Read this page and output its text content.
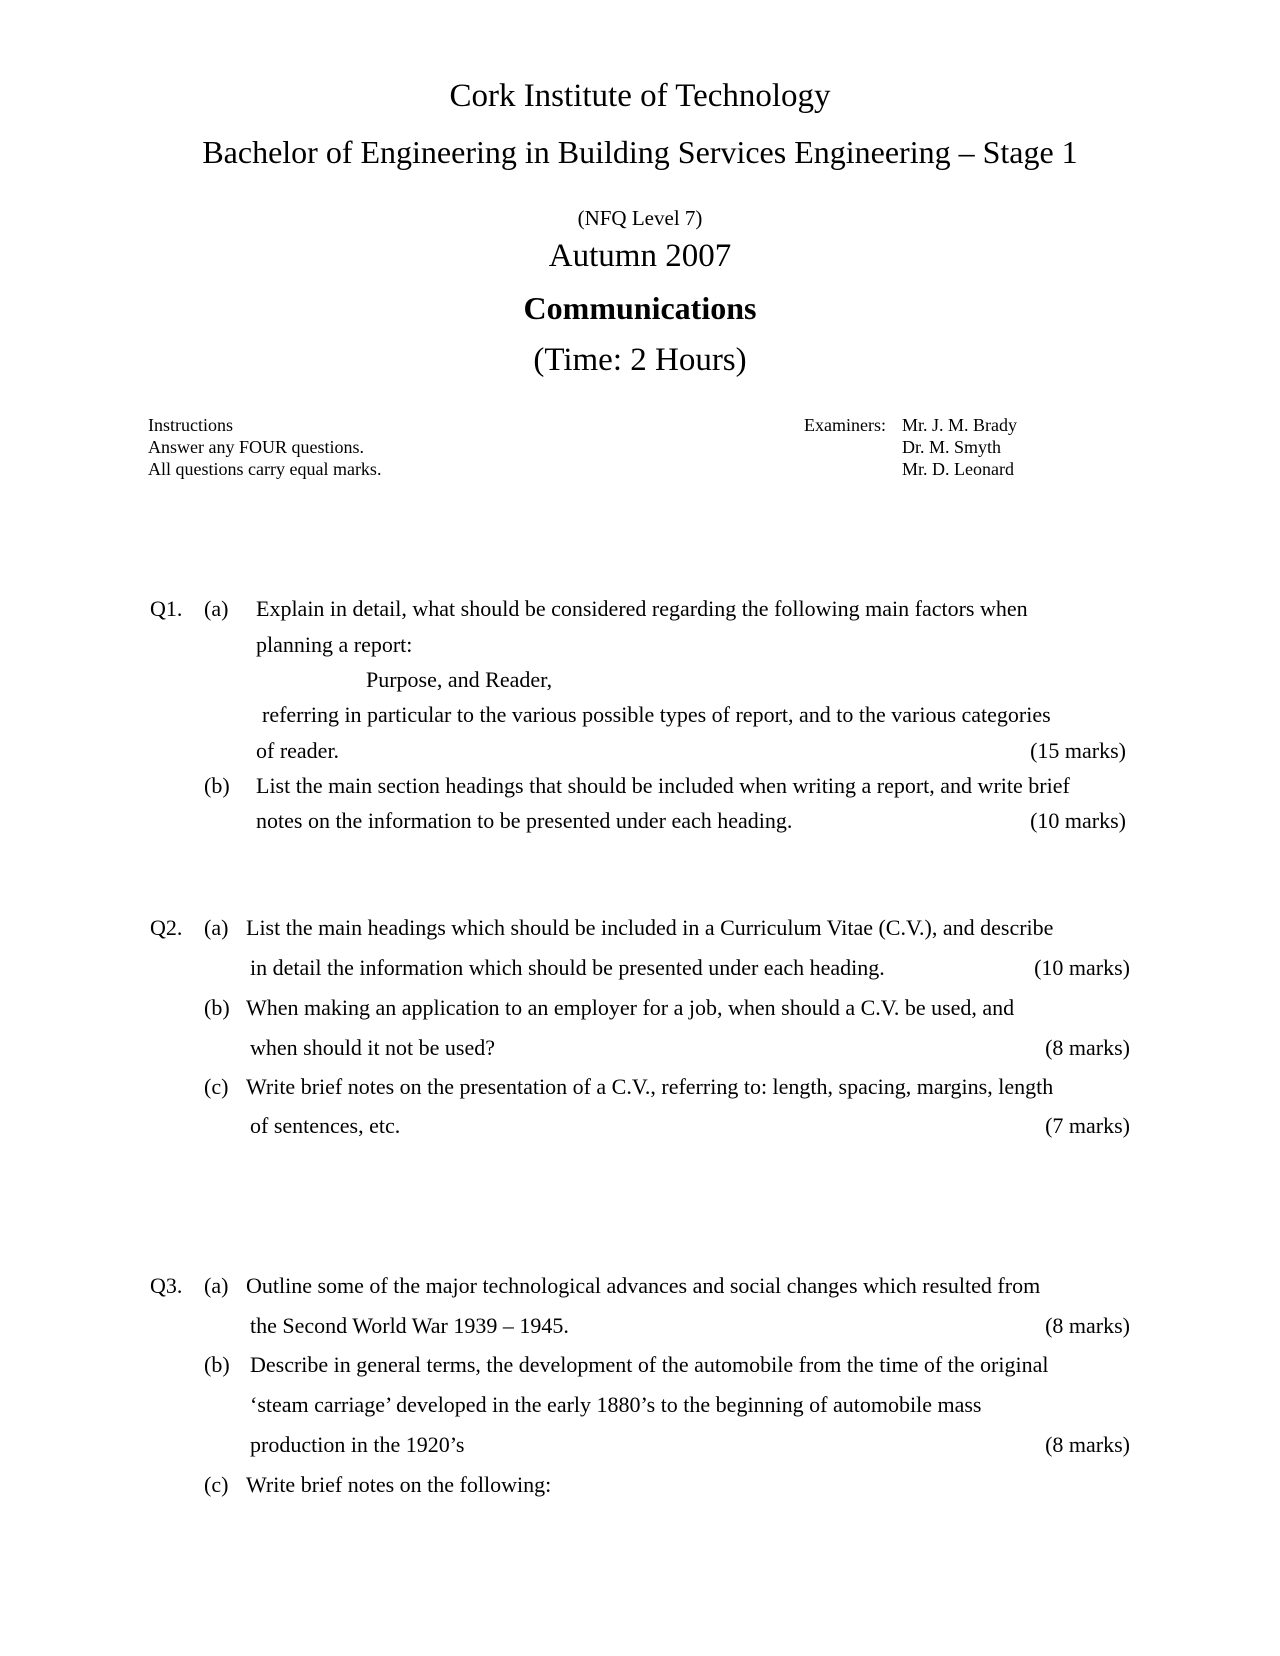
Cork Institute of Technology
Bachelor of Engineering in Building Services Engineering – Stage 1
(NFQ Level 7)
Autumn 2007
Communications
(Time: 2 Hours)
Instructions
Answer any FOUR questions.
All questions carry equal marks.
Examiners: Mr. J. M. Brady
Dr. M. Smyth
Mr. D. Leonard
Q1. (a) Explain in detail, what should be considered regarding the following main factors when
planning a report:
Purpose, and Reader,
referring in particular to the various possible types of report, and to the various categories
of reader.	(15 marks)
(b) List the main section headings that should be included when writing a report, and write brief
notes on the information to be presented under each heading.	(10 marks)
Q2. (a) List the main headings which should be included in a Curriculum Vitae (C.V.), and describe
in detail the information which should be presented under each heading.	(10 marks)
(b) When making an application to an employer for a job, when should a C.V. be used, and
when should it not be used?	(8 marks)
(c) Write brief notes on the presentation of a C.V., referring to: length, spacing, margins, length
of sentences, etc.	(7 marks)
Q3. (a) Outline some of the major technological advances and social changes which resulted from
the Second World War 1939 – 1945.	(8 marks)
(b) Describe in general terms, the development of the automobile from the time of the original
‘steam carriage’ developed in the early 1880’s to the beginning of automobile mass
production in the 1920’s	(8 marks)
(c) Write brief notes on the following:
